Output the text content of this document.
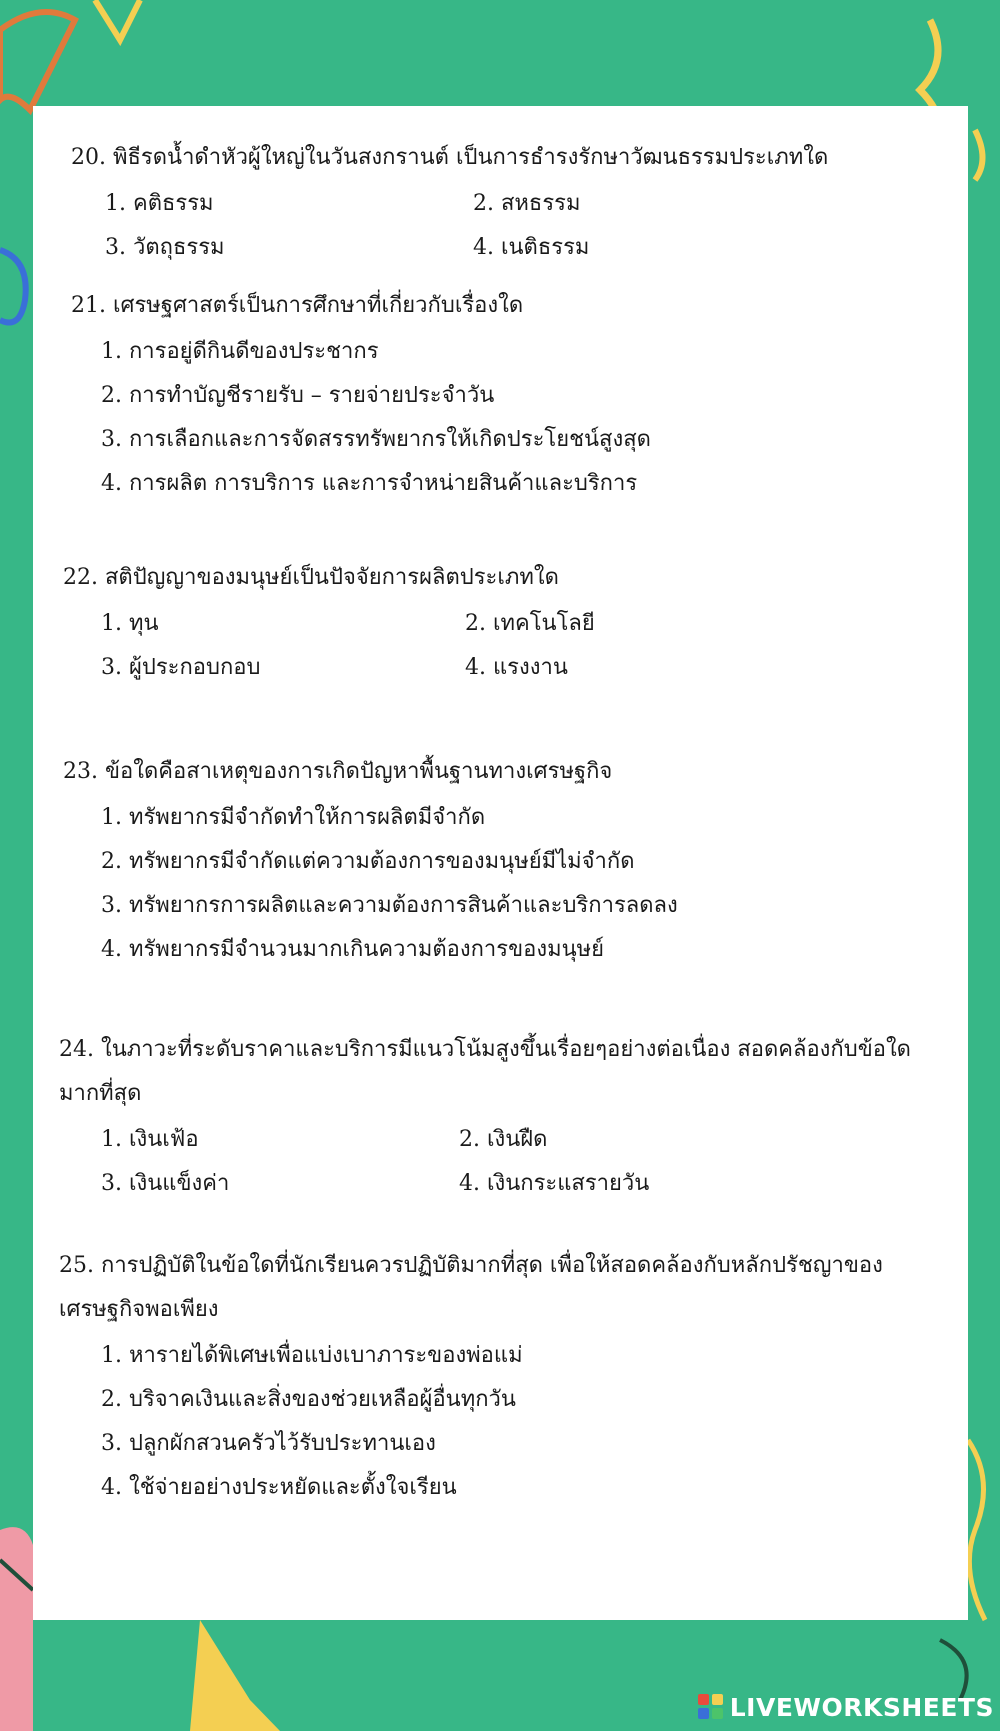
20. พิธีรดน้ำดำหัวผู้ใหญ่ในวันสงกรานต์ เป็นการธำรงรักษาวัฒนธรรมประเภทใด
1. คติธรรม	2. สหธรรม
3. วัตถุธรรม	4. เนติธรรม
21. เศรษฐศาสตร์เป็นการศึกษาที่เกี่ยวกับเรื่องใด
1. การอยู่ดีกินดีของประชากร
2. การทำบัญชีรายรับ – รายจ่ายประจำวัน
3. การเลือกและการจัดสรรทรัพยากรให้เกิดประโยชน์สูงสุด
4. การผลิต การบริการ และการจำหน่ายสินค้าและบริการ
22. สติปัญญาของมนุษย์เป็นปัจจัยการผลิตประเภทใด
1. ทุน	2. เทคโนโลยี
3. ผู้ประกอบกอบ	4. แรงงาน
23. ข้อใดคือสาเหตุของการเกิดปัญหาพื้นฐานทางเศรษฐกิจ
1. ทรัพยากรมีจำกัดทำให้การผลิตมีจำกัด
2. ทรัพยากรมีจำกัดแต่ความต้องการของมนุษย์มีไม่จำกัด
3. ทรัพยากรการผลิตและความต้องการสินค้าและบริการลดลง
4. ทรัพยากรมีจำนวนมากเกินความต้องการของมนุษย์
24. ในภาวะที่ระดับราคาและบริการมีแนวโน้มสูงขึ้นเรื่อยๆอย่างต่อเนื่อง สอดคล้องกับข้อใดมากที่สุด
1. เงินเฟ้อ	2. เงินฝืด
3. เงินแข็งค่า	4. เงินกระแสรายวัน
25. การปฏิบัติในข้อใดที่นักเรียนควรปฏิบัติมากที่สุด เพื่อให้สอดคล้องกับหลักปรัชญาของเศรษฐกิจพอเพียง
1. หารายได้พิเศษเพื่อแบ่งเบาภาระของพ่อแม่
2. บริจาคเงินและสิ่งของช่วยเหลือผู้อื่นทุกวัน
3. ปลูกผักสวนครัวไว้รับประทานเอง
4. ใช้จ่ายอย่างประหยัดและตั้งใจเรียน
LIVEWORKSHEETS
